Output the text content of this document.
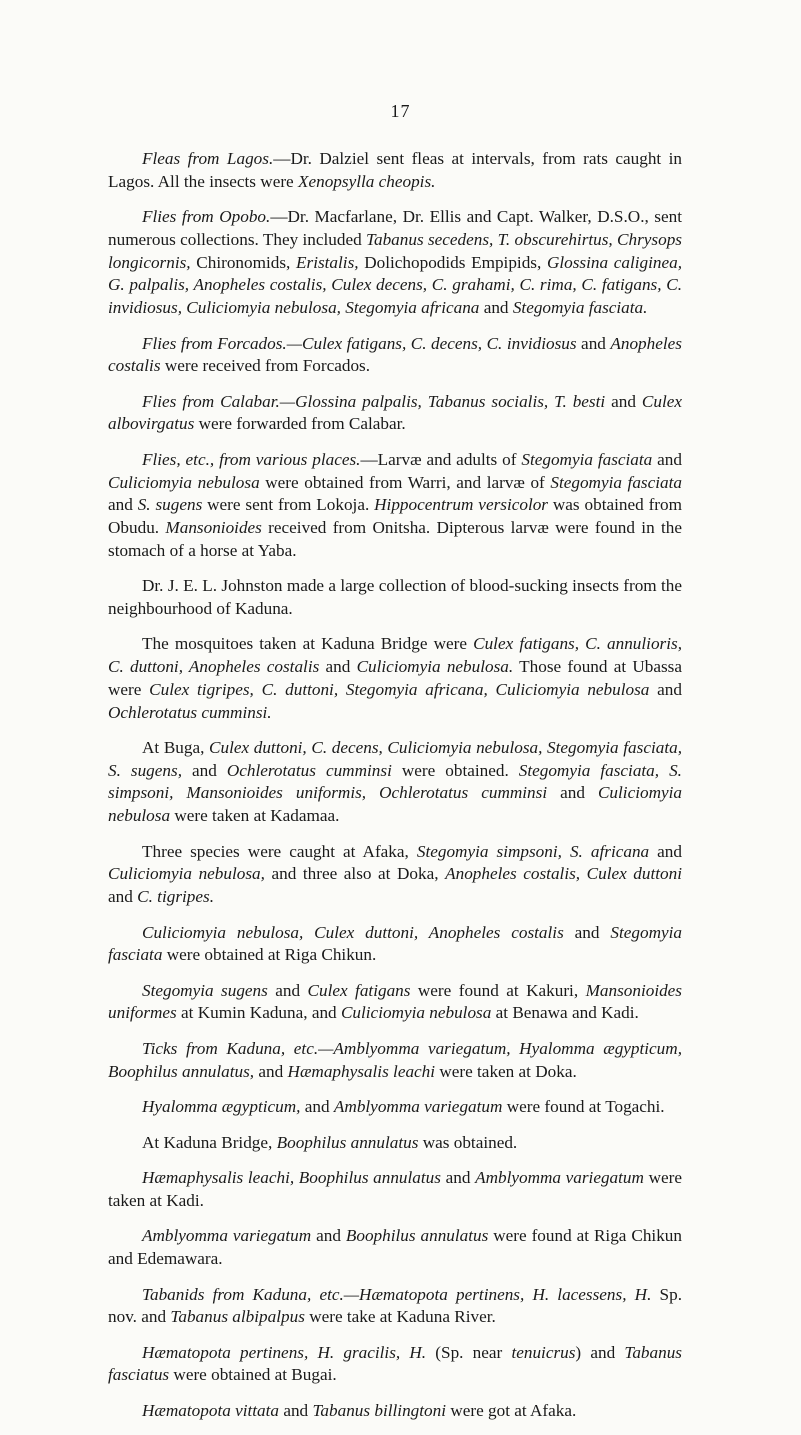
17

Fleas from Lagos.—Dr. Dalziel sent fleas at intervals, from rats caught in Lagos. All the insects were Xenopsylla cheopis.

Flies from Opobo.—Dr. Macfarlane, Dr. Ellis and Capt. Walker, D.S.O., sent numerous collections. They included Tabanus secedens, T. obscurehirtus, Chrysops longicornis, Chironomids, Eristalis, Dolichopodids Empipids, Glossina caliginea, G. palpalis, Anopheles costalis, Culex decens, C. grahami, C. rima, C. fatigans, C. invidiosus, Culiciomyia nebulosa, Stegomyia africana and Stegomyia fasciata.

Flies from Forcados.—Culex fatigans, C. decens, C. invidiosus and Anopheles costalis were received from Forcados.

Flies from Calabar.—Glossina palpalis, Tabanus socialis, T. besti and Culex albovirgatus were forwarded from Calabar.

Flies, etc., from various places.—Larvæ and adults of Stegomyia fasciata and Culiciomyia nebulosa were obtained from Warri, and larvæ of Stegomyia fasciata and S. sugens were sent from Lokoja. Hippocentrum versicolor was obtained from Obudu. Mansonioides received from Onitsha. Dipterous larvæ were found in the stomach of a horse at Yaba.

Dr. J. E. L. Johnston made a large collection of blood-sucking insects from the neighbourhood of Kaduna.

The mosquitoes taken at Kaduna Bridge were Culex fatigans, C. annulioris, C. duttoni, Anopheles costalis and Culiciomyia nebulosa. Those found at Ubassa were Culex tigripes, C. duttoni, Stegomyia africana, Culiciomyia nebulosa and Ochlerotatus cumminsi.

At Buga, Culex duttoni, C. decens, Culiciomyia nebulosa, Stegomyia fasciata, S. sugens, and Ochlerotatus cumminsi were obtained. Stegomyia fasciata, S. simpsoni, Mansonioides uniformis, Ochlerotatus cumminsi and Culiciomyia nebulosa were taken at Kadamaa.

Three species were caught at Afaka, Stegomyia simpsoni, S. africana and Culiciomyia nebulosa, and three also at Doka, Anopheles costalis, Culex duttoni and C. tigripes.

Culiciomyia nebulosa, Culex duttoni, Anopheles costalis and Stegomyia fasciata were obtained at Riga Chikun.

Stegomyia sugens and Culex fatigans were found at Kakuri, Mansonioides uniformes at Kumin Kaduna, and Culiciomyia nebulosa at Benawa and Kadi.

Ticks from Kaduna, etc.—Amblyomma variegatum, Hyalomma ægypticum, Boophilus annulatus, and Hæmaphysalis leachi were taken at Doka.

Hyalomma ægypticum, and Amblyomma variegatum were found at Togachi.

At Kaduna Bridge, Boophilus annulatus was obtained.

Hæmaphysalis leachi, Boophilus annulatus and Amblyomma variegatum were taken at Kadi.

Amblyomma variegatum and Boophilus annulatus were found at Riga Chikun and Edemawara.

Tabanids from Kaduna, etc.—Hæmatopota pertinens, H. lacessens, H. Sp. nov. and Tabanus albipalpus were take at Kaduna River.

Hæmatopota pertinens, H. gracilis, H. (Sp. near tenuicrus) and Tabanus fasciatus were obtained at Bugai.

Hæmatopota vittata and Tabanus billingtoni were got at Afaka.
